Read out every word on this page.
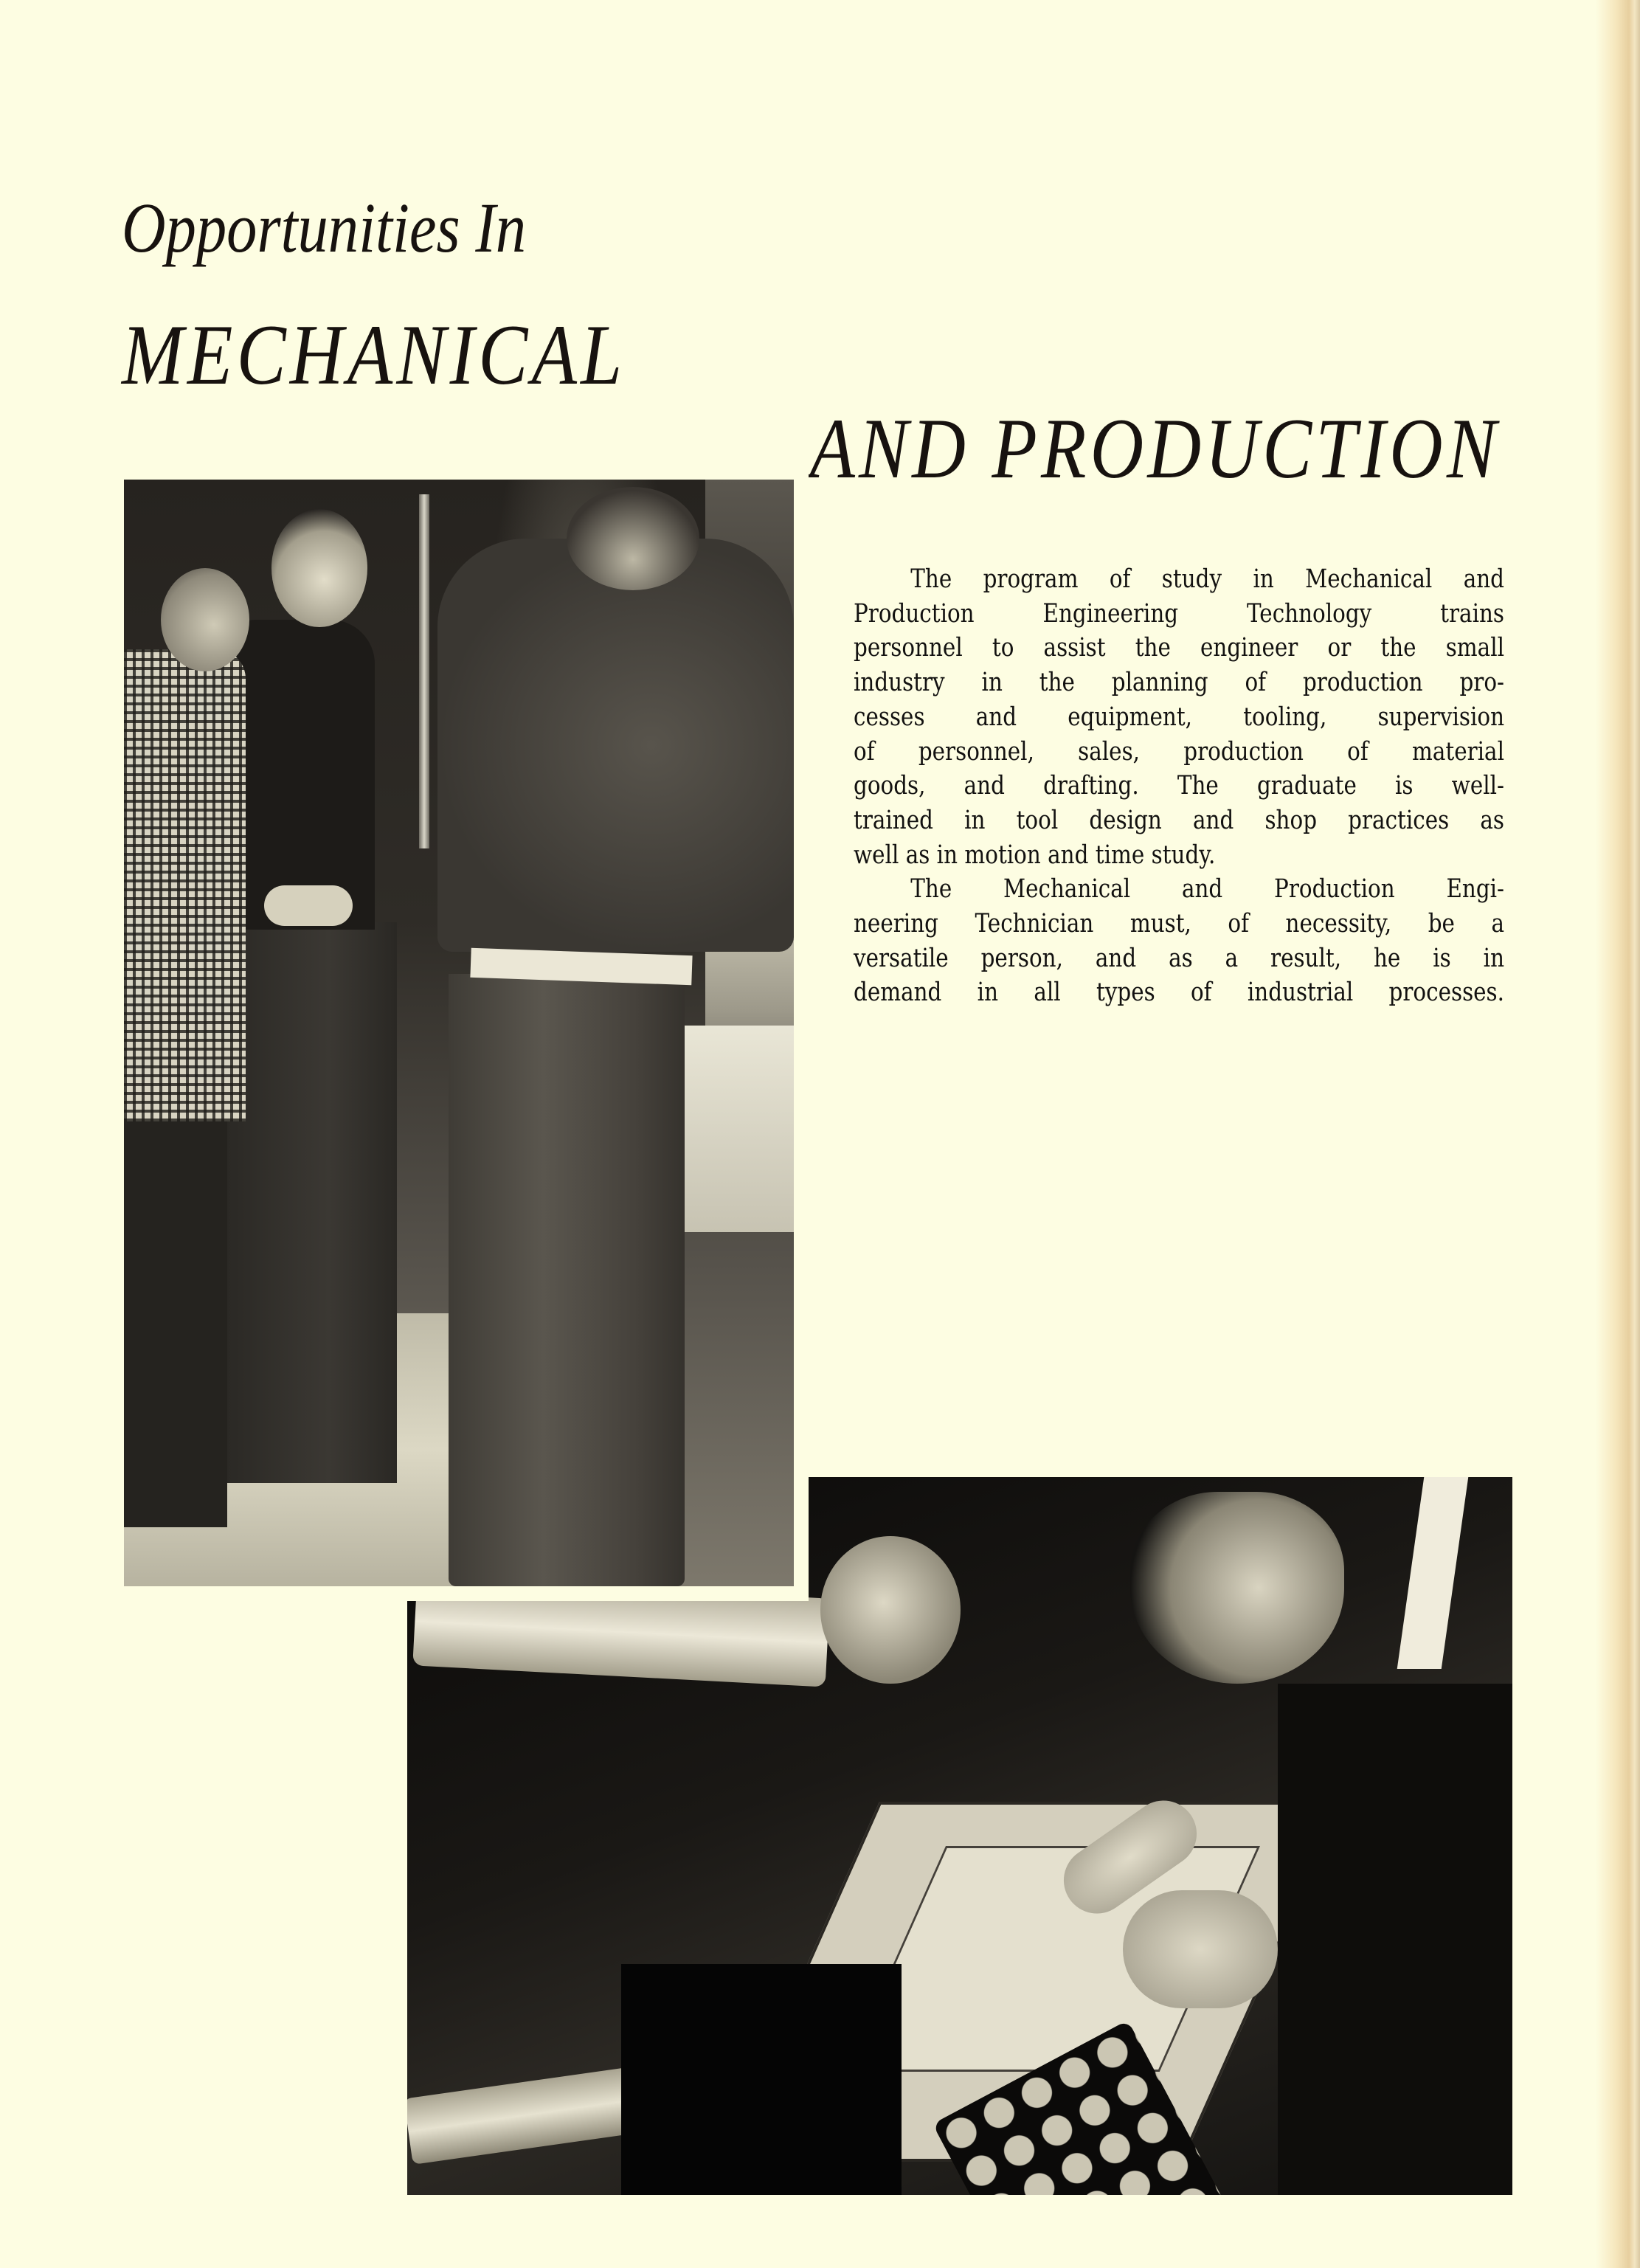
Opportunities In
MECHANICAL
AND PRODUCTION
The program of study in Mechanical and
Production Engineering Technology trains
personnel to assist the engineer or the small
industry in the planning of production pro-
cesses and equipment, tooling, supervision
of personnel, sales, production of material
goods, and drafting. The graduate is well-
trained in tool design and shop practices as
well as in motion and time study.
The Mechanical and Production Engi-
neering Technician must, of necessity, be a
versatile person, and as a result, he is in
demand in all types of industrial processes.
